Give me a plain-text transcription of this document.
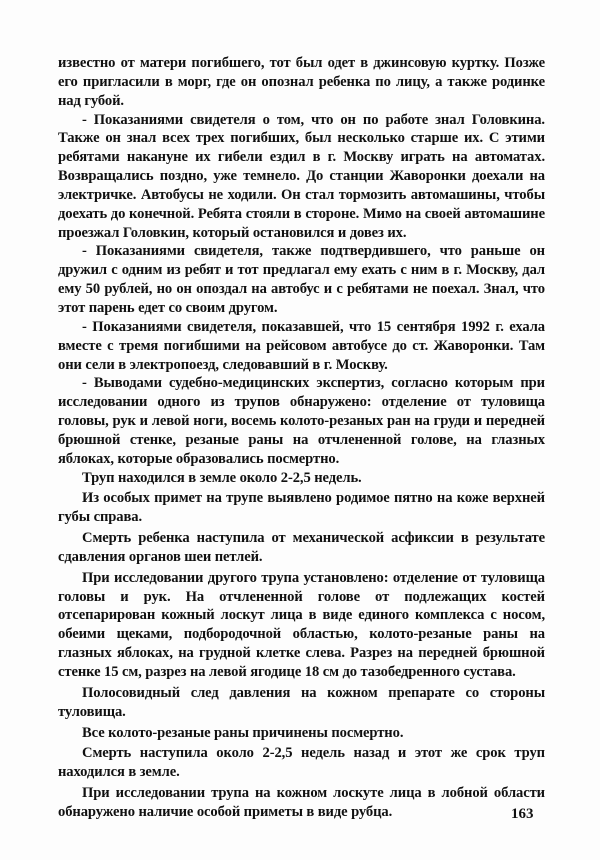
известно от матери погибшего, тот был одет в джинсовую куртку. Позже его пригласили в морг, где он опознал ребенка по лицу, а также родинке над губой.

- Показаниями свидетеля о том, что он по работе знал Головкина. Также он знал всех трех погибших, был несколько старше их. С этими ребятами накануне их гибели ездил в г. Москву играть на автоматах. Возвращались поздно, уже темнело. До станции Жаворонки доехали на электричке. Автобусы не ходили. Он стал тормозить автомашины, чтобы доехать до конечной. Ребята стояли в стороне. Мимо на своей автомашине проезжал Головкин, который остановился и довез их.

- Показаниями свидетеля, также подтвердившего, что раньше он дружил с одним из ребят и тот предлагал ему ехать с ним в г. Москву, дал ему 50 рублей, но он опоздал на автобус и с ребятами не поехал. Знал, что этот парень едет со своим другом.

- Показаниями свидетеля, показавшей, что 15 сентября 1992 г. ехала вместе с тремя погибшими на рейсовом автобусе до ст. Жаворонки. Там они сели в электропоезд, следовавший в г. Москву.

- Выводами судебно-медицинских экспертиз, согласно которым при исследовании одного из трупов обнаружено: отделение от туловища головы, рук и левой ноги, восемь колото-резаных ран на груди и передней брюшной стенке, резаные раны на отчлененной голове, на глазных яблоках, которые образовались посмертно.

Труп находился в земле около 2-2,5 недель.

Из особых примет на трупе выявлено родимое пятно на коже верхней губы справа.

Смерть ребенка наступила от механической асфиксии в результате сдавления органов шеи петлей.

При исследовании другого трупа установлено: отделение от туловища головы и рук. На отчлененной голове от подлежащих костей отсепарирован кожный лоскут лица в виде единого комплекса с носом, обеими щеками, подбородочной областью, колото-резаные раны на глазных яблоках, на грудной клетке слева. Разрез на передней брюшной стенке 15 см, разрез на левой ягодице 18 см до тазобедренного сустава.

Полосовидный след давления на кожном препарате со стороны туловища.

Все колото-резаные раны причинены посмертно.

Смерть наступила около 2-2,5 недель назад и этот же срок труп находился в земле.

При исследовании трупа на кожном лоскуте лица в лобной области обнаружено наличие особой приметы в виде рубца.	163
